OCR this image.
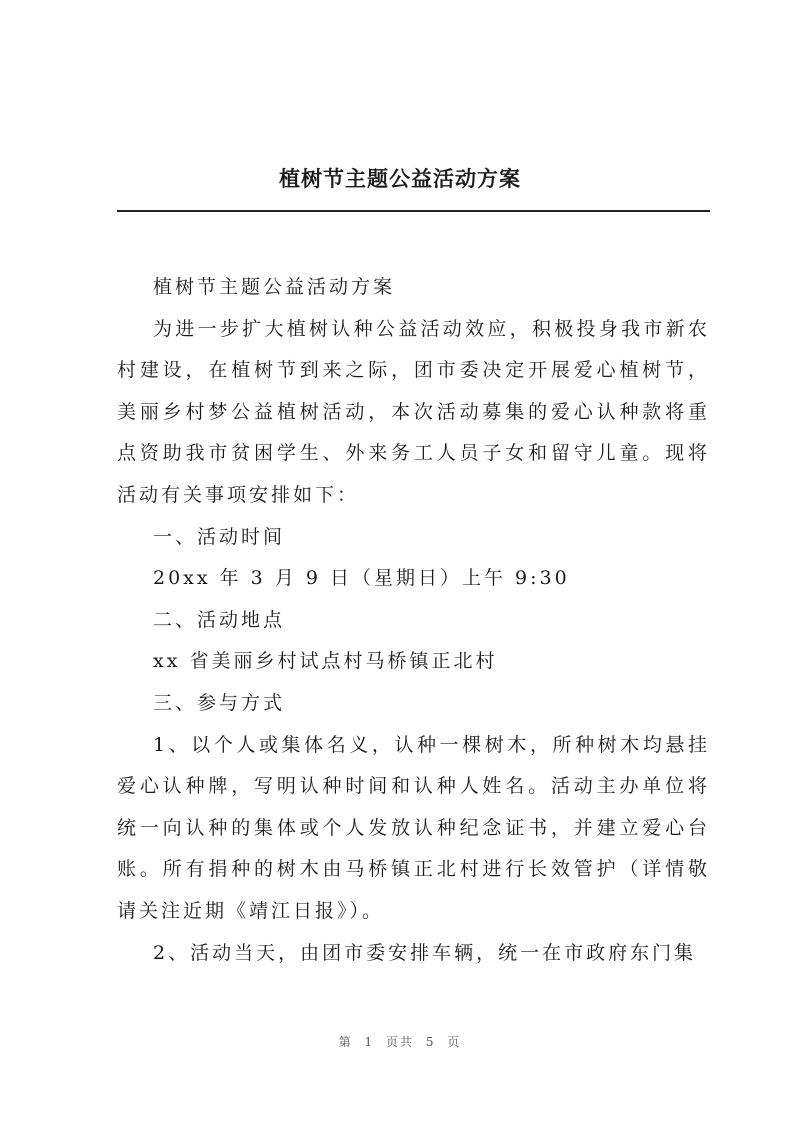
植树节主题公益活动方案

植树节主题公益活动方案

为进一步扩大植树认种公益活动效应，积极投身我市新农村建设，在植树节到来之际，团市委决定开展爱心植树节，美丽乡村梦公益植树活动，本次活动募集的爱心认种款将重点资助我市贫困学生、外来务工人员子女和留守儿童。现将活动有关事项安排如下：

一、活动时间

20xx 年 3 月 9 日（星期日）上午 9:30

二、活动地点

xx 省美丽乡村试点村马桥镇正北村

三、参与方式

1、以个人或集体名义，认种一棵树木，所种树木均悬挂爱心认种牌，写明认种时间和认种人姓名。活动主办单位将统一向认种的集体或个人发放认种纪念证书，并建立爱心台账。所有捐种的树木由马桥镇正北村进行长效管护（详情敬请关注近期《靖江日报》）。

2、活动当天，由团市委安排车辆，统一在市政府东门集

第 1 页共 5 页
